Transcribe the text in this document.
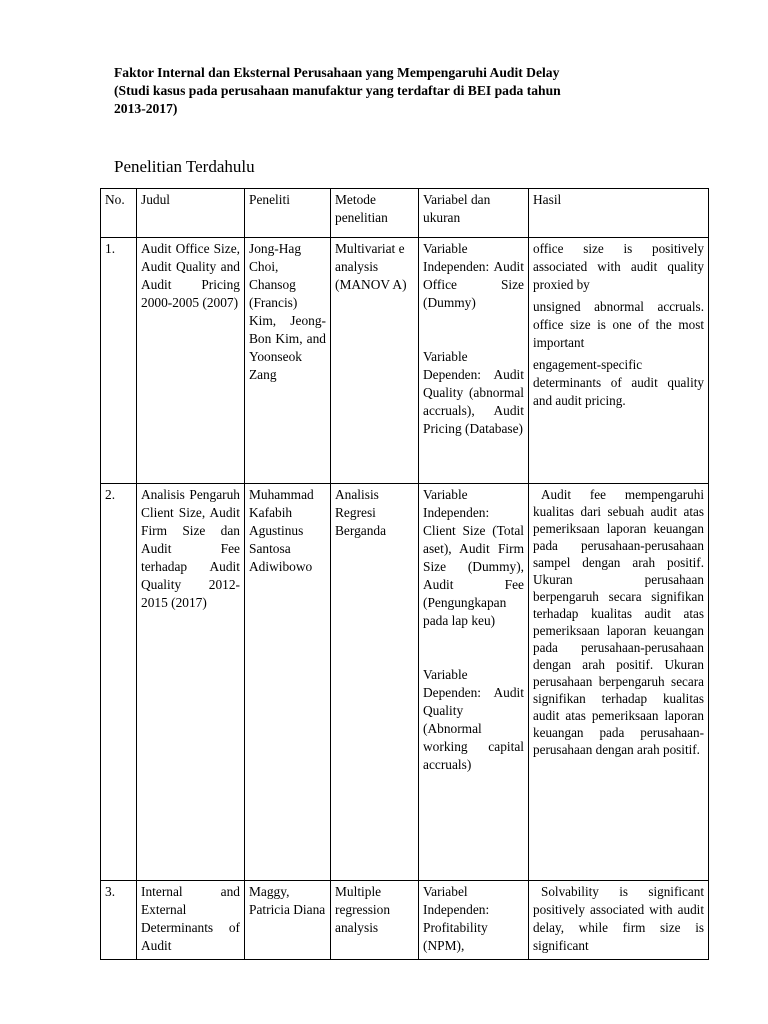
Faktor Internal dan Eksternal Perusahaan yang Mempengaruhi Audit Delay
(Studi kasus pada perusahaan manufaktur yang terdaftar di BEI pada tahun
2013-2017)
Penelitian Terdahulu
No.	Judul	Peneliti	Metode penelitian	Variabel dan ukuran	Hasil
1.	Audit Office Size, Audit Quality and Audit Pricing 2000-2005 (2007)	Jong-Hag Choi, Chansog (Francis) Kim, Jeong-Bon Kim, and Yoonseok Zang	Multivariat e analysis (MANOV A)	Variable Independen: Audit Office Size (Dummy)
Variable Dependen: Audit Quality (abnormal accruals), Audit Pricing (Database)	office size is positively associated with audit quality proxied by
unsigned abnormal accruals. office size is one of the most important
engagement-specific determinants of audit quality and audit pricing.

2.	Analisis Pengaruh Client Size, Audit Firm Size dan Audit Fee terhadap Audit Quality 2012-2015 (2017)	Muhammad Kafabih Agustinus Santosa Adiwibowo	Analisis Regresi Berganda	Variable Independen: Client Size (Total aset), Audit Firm Size (Dummy), Audit Fee (Pengungkapan pada lap keu)
Variable Dependen: Audit Quality (Abnormal working capital accruals)	Audit fee mempengaruhi kualitas dari sebuah audit atas pemeriksaan laporan keuangan pada perusahaan-perusahaan sampel dengan arah positif. Ukuran perusahaan berpengaruh secara signifikan terhadap kualitas audit atas pemeriksaan laporan keuangan pada perusahaan-perusahaan dengan arah positif. Ukuran perusahaan berpengaruh secara signifikan terhadap kualitas audit atas pemeriksaan laporan keuangan pada perusahaan-perusahaan dengan arah positif.

3.	Internal and External Determinants of Audit	Maggy, Patricia Diana	Multiple regression analysis	Variabel Independen: Profitability (NPM),	Solvability is significant positively associated with audit delay, while firm size is significant
